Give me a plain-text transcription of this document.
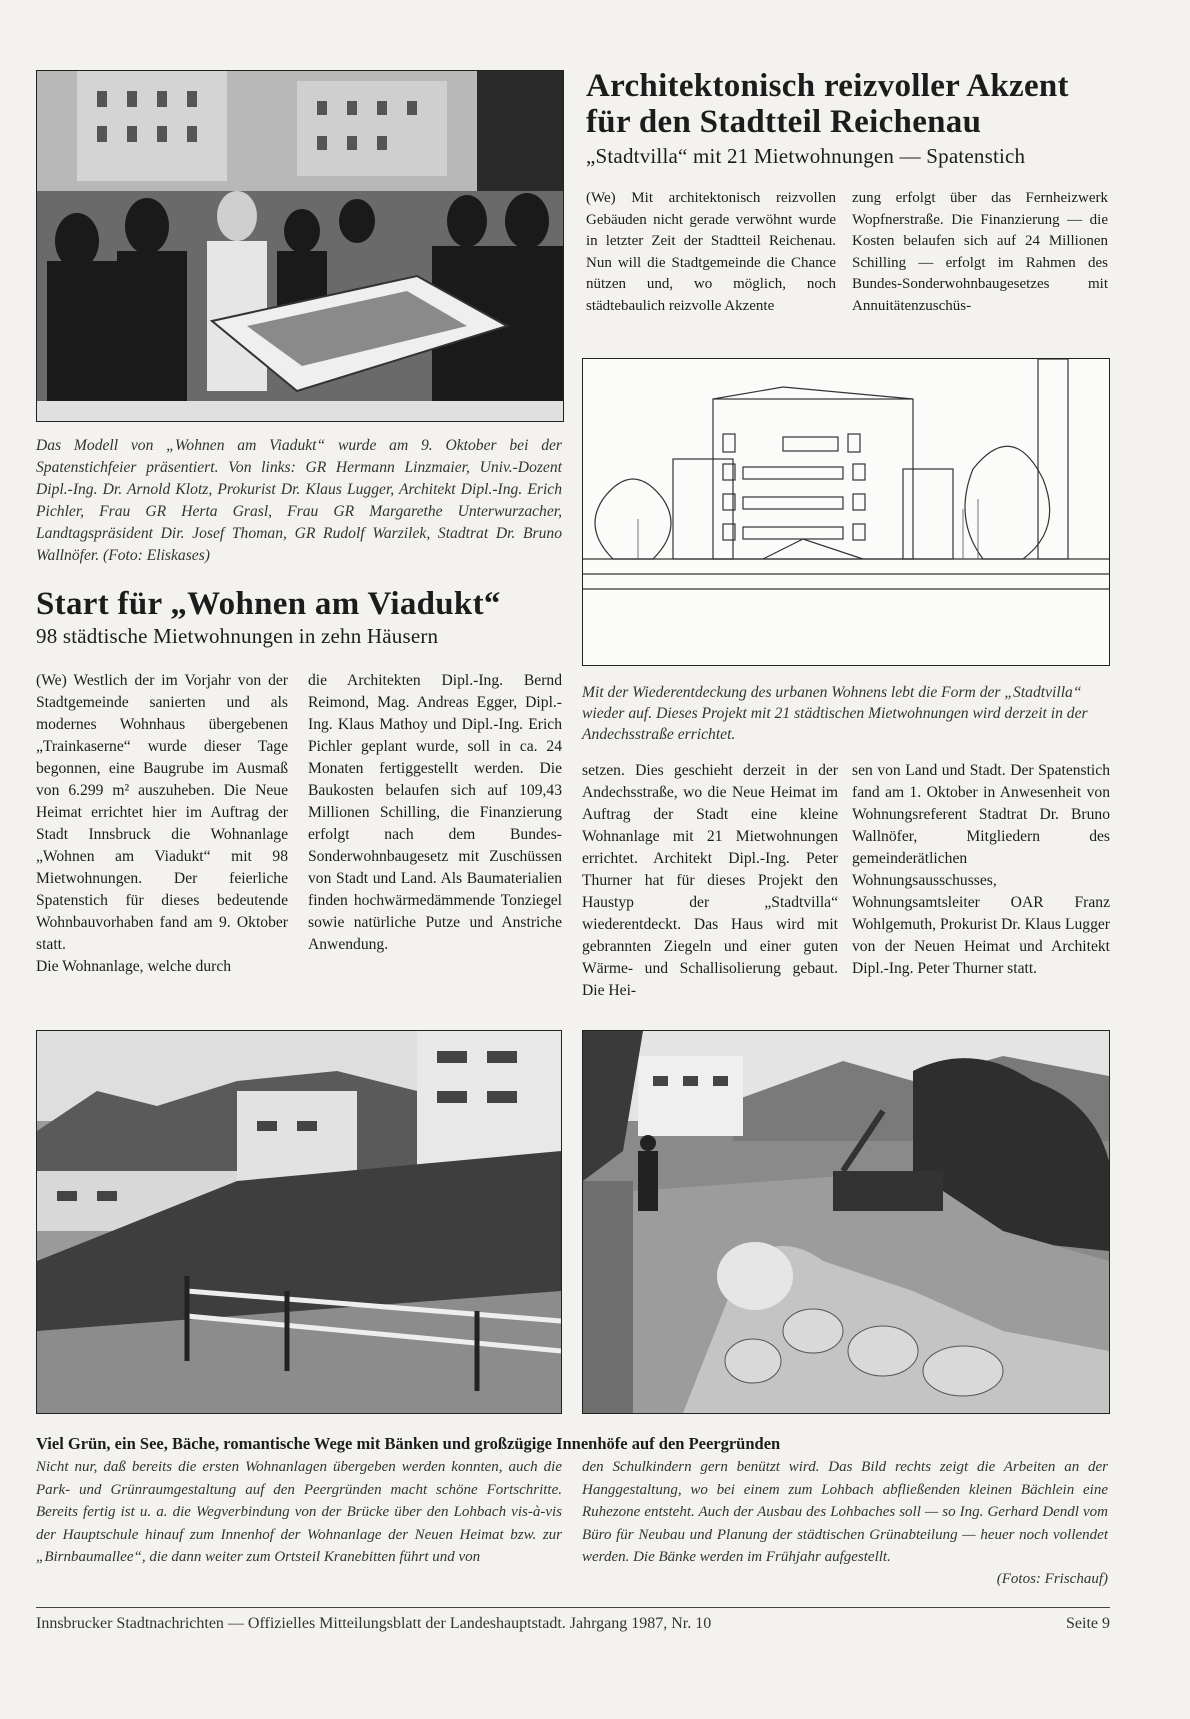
Architektonisch reizvoller Akzent für den Stadtteil Reichenau
„Stadtvilla“ mit 21 Mietwohnungen — Spatenstich

(We) Mit architektonisch reizvollen Gebäuden nicht gerade verwöhnt wurde in letzter Zeit der Stadtteil Reichenau. Nun will die Stadtgemeinde die Chance nützen und, wo möglich, noch städtebaulich reizvolle Akzente

zung erfolgt über das Fernheizwerk Wopfnerstraße. Die Finanzierung — die Kosten belaufen sich auf 24 Millionen Schilling — erfolgt im Rahmen des Bundes-Sonderwohnbaugesetzes mit Annuitätenzuschüs-

Mit der Wiederentdeckung des urbanen Wohnens lebt die Form der „Stadtvilla“ wieder auf. Dieses Projekt mit 21 städtischen Mietwohnungen wird derzeit in der Andechsstraße errichtet.

setzen. Dies geschieht derzeit in der Andechsstraße, wo die Neue Heimat im Auftrag der Stadt eine kleine Wohnanlage mit 21 Mietwohnungen errichtet. Architekt Dipl.-Ing. Peter Thurner hat für dieses Projekt den Haustyp der „Stadtvilla“ wiederentdeckt. Das Haus wird mit gebrannten Ziegeln und einer guten Wärme- und Schallisolierung gebaut. Die Hei-

sen von Land und Stadt. Der Spatenstich fand am 1. Oktober in Anwesenheit von Wohnungsreferent Stadtrat Dr. Bruno Wallnöfer, Mitgliedern des gemeinderätlichen Wohnungsausschusses, Wohnungsamtsleiter OAR Franz Wohlgemuth, Prokurist Dr. Klaus Lugger von der Neuen Heimat und Architekt Dipl.-Ing. Peter Thurner statt.

Das Modell von „Wohnen am Viadukt“ wurde am 9. Oktober bei der Spatenstichfeier präsentiert. Von links: GR Hermann Linzmaier, Univ.-Dozent Dipl.-Ing. Dr. Arnold Klotz, Prokurist Dr. Klaus Lugger, Architekt Dipl.-Ing. Erich Pichler, Frau GR Herta Grasl, Frau GR Margarethe Unterwurzacher, Landtagspräsident Dir. Josef Thoman, GR Rudolf Warzilek, Stadtrat Dr. Bruno Wallnöfer. (Foto: Eliskases)

Start für „Wohnen am Viadukt“
98 städtische Mietwohnungen in zehn Häusern

(We) Westlich der im Vorjahr von der Stadtgemeinde sanierten und als modernes Wohnhaus übergebenen „Trainkaserne“ wurde dieser Tage begonnen, eine Baugrube im Ausmaß von 6.299 m² auszuheben. Die Neue Heimat errichtet hier im Auftrag der Stadt Innsbruck die Wohnanlage „Wohnen am Viadukt“ mit 98 Mietwohnungen. Der feierliche Spatenstich für dieses bedeutende Wohnbauvorhaben fand am 9. Oktober statt.

Die Wohnanlage, welche durch

die Architekten Dipl.-Ing. Bernd Reimond, Mag. Andreas Egger, Dipl.-Ing. Klaus Mathoy und Dipl.-Ing. Erich Pichler geplant wurde, soll in ca. 24 Monaten fertiggestellt werden. Die Baukosten belaufen sich auf 109,43 Millionen Schilling, die Finanzierung erfolgt nach dem Bundes-Sonderwohnbaugesetz mit Zuschüssen von Stadt und Land. Als Baumaterialien finden hochwärmedämmende Tonziegel sowie natürliche Putze und Anstriche Anwendung.

Viel Grün, ein See, Bäche, romantische Wege mit Bänken und großzügige Innenhöfe auf den Peergründen

Nicht nur, daß bereits die ersten Wohnanlagen übergeben werden konnten, auch die Park- und Grünraumgestaltung auf den Peergründen macht schöne Fortschritte. Bereits fertig ist u. a. die Wegverbindung von der Brücke über den Lohbach vis-à-vis der Hauptschule hinauf zum Innenhof der Wohnanlage der Neuen Heimat bzw. zur „Birnbaumallee“, die dann weiter zum Ortsteil Kranebitten führt und von

den Schulkindern gern benützt wird. Das Bild rechts zeigt die Arbeiten an der Hanggestaltung, wo bei einem zum Lohbach abfließenden kleinen Bächlein eine Ruhezone entsteht. Auch der Ausbau des Lohbaches soll — so Ing. Gerhard Dendl vom Büro für Neubau und Planung der städtischen Grünabteilung — heuer noch vollendet werden. Die Bänke werden im Frühjahr aufgestellt.

(Fotos: Frischauf)
Innsbrucker Stadtnachrichten — Offizielles Mitteilungsblatt der Landeshauptstadt. Jahrgang 1987, Nr. 10	Seite 9
